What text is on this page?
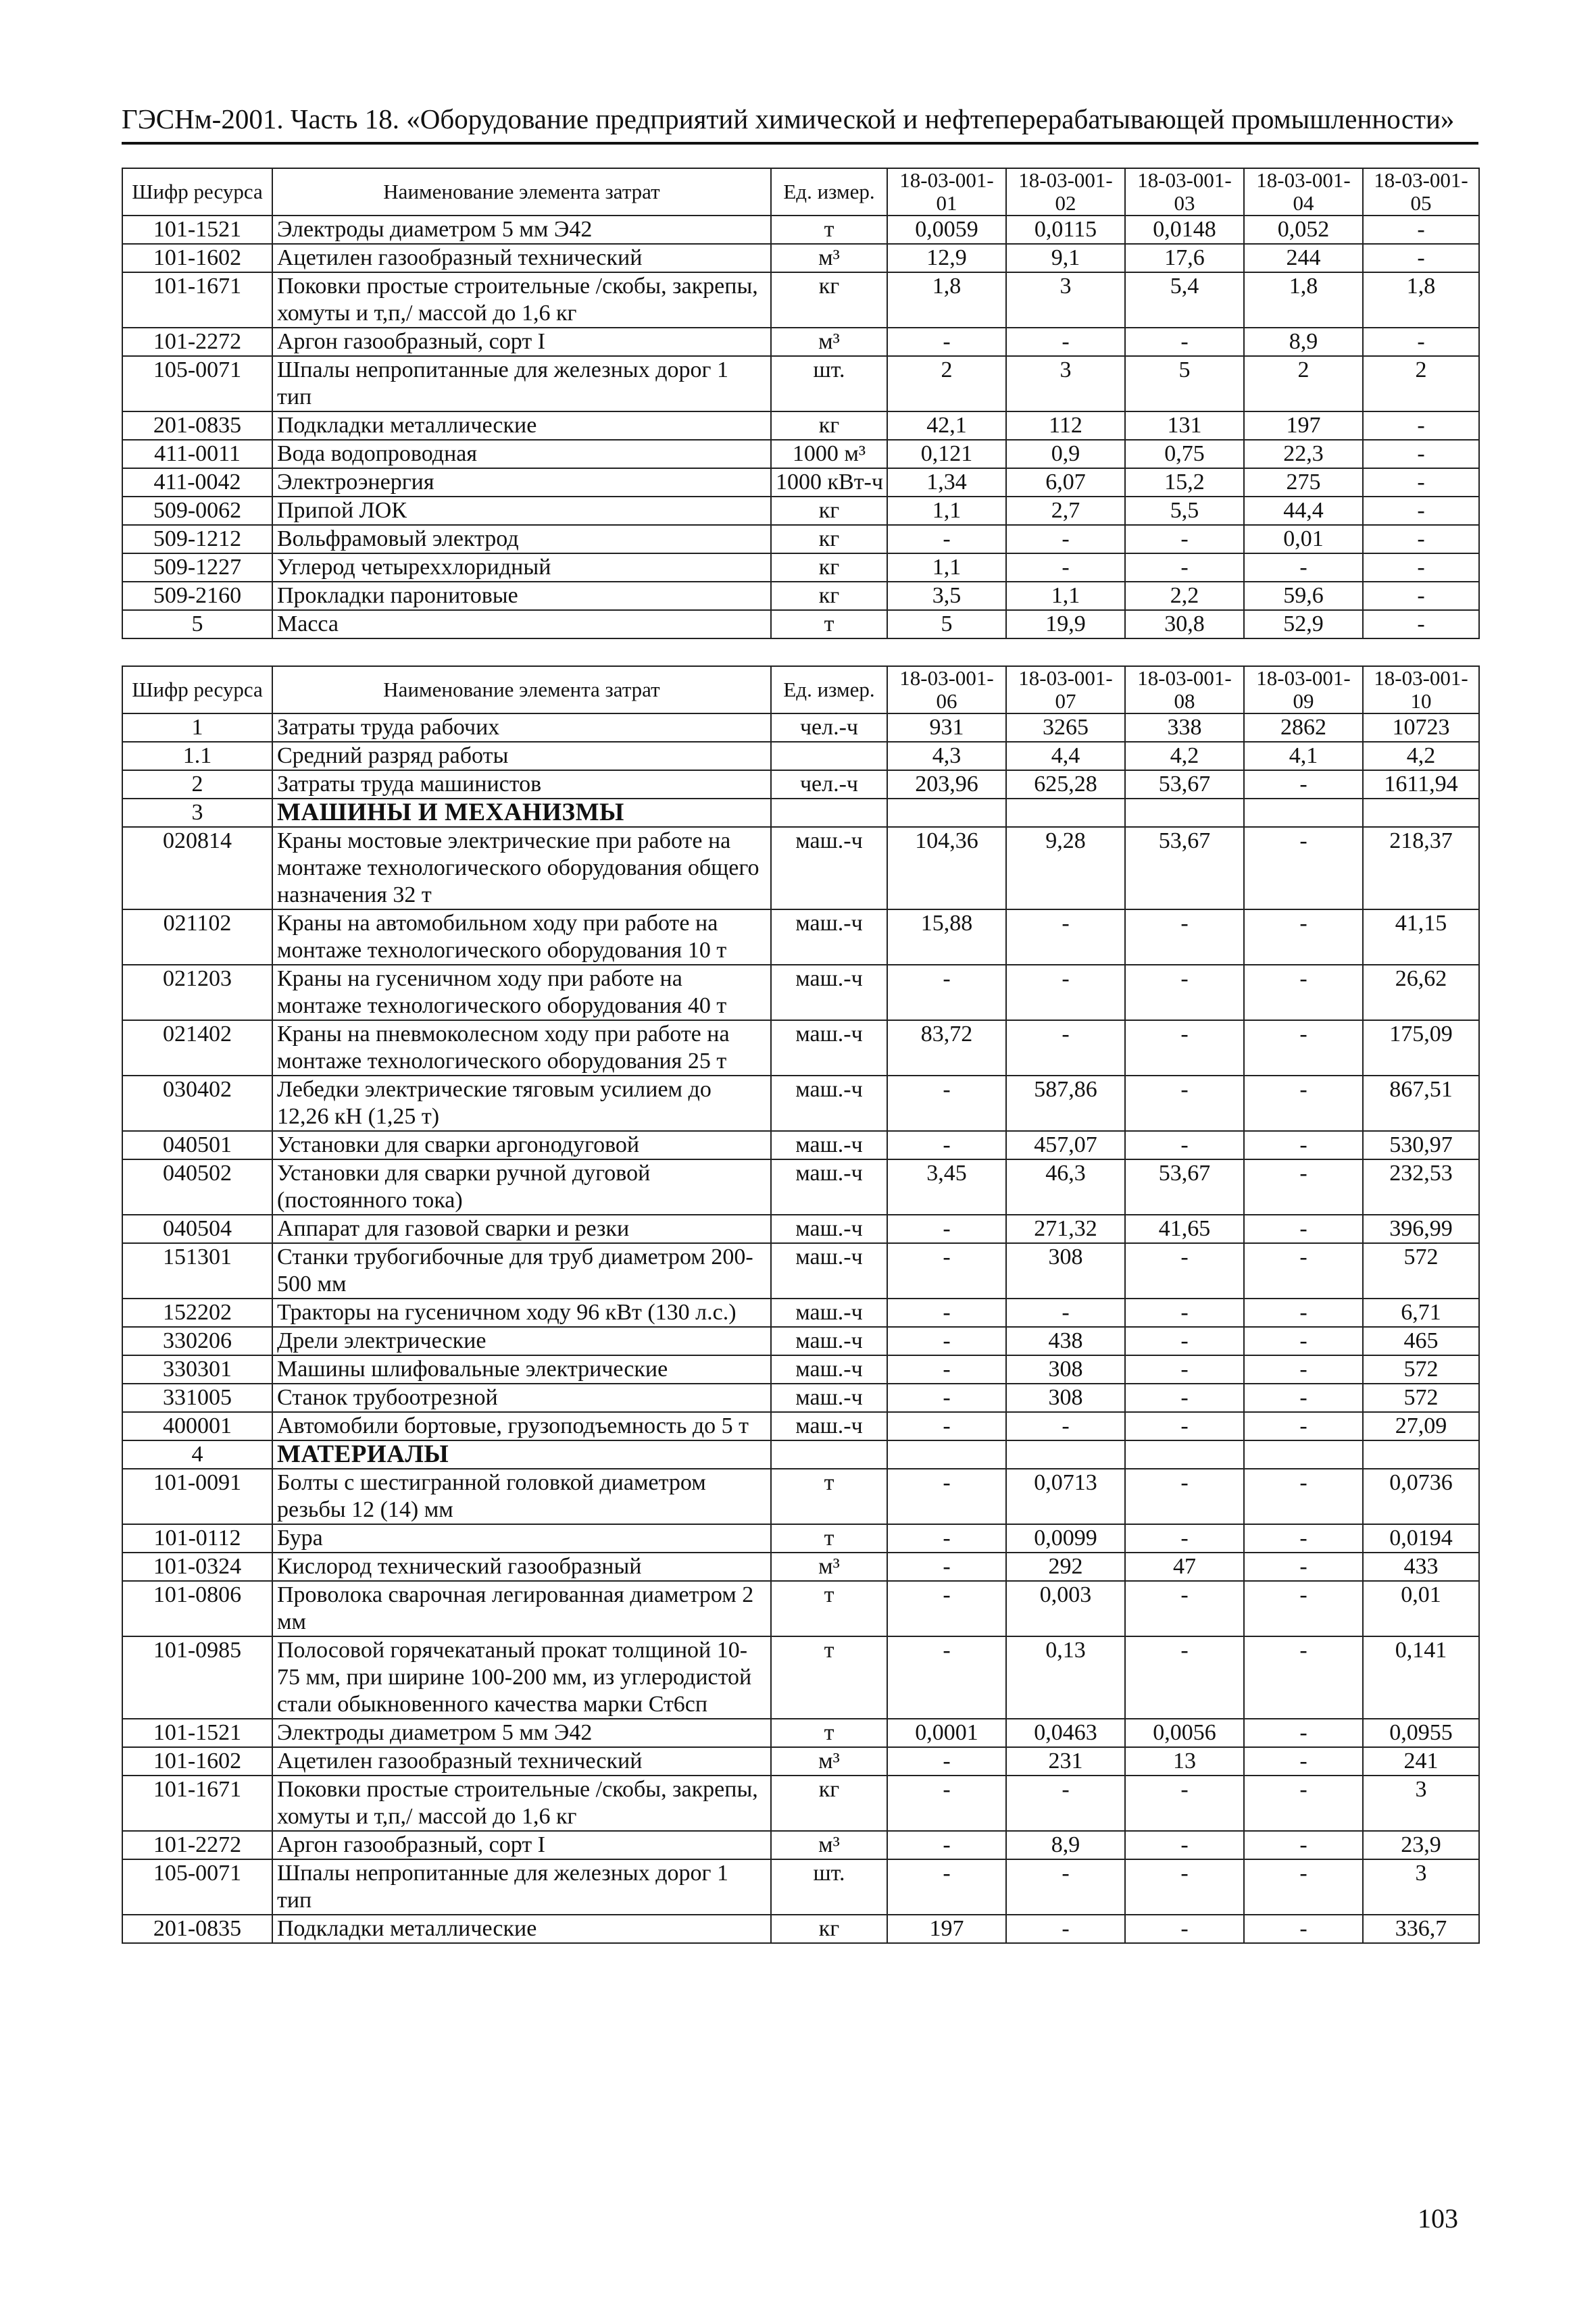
ГЭСНм-2001. Часть 18. «Оборудование предприятий химической и нефтеперерабатывающей промышленности»
Шифр ресурса	Наименование элемента затрат	Ед. измер.	18-03-001-01	18-03-001-02	18-03-001-03	18-03-001-04	18-03-001-05
101-1521	Электроды диаметром 5 мм Э42	т	0,0059	0,0115	0,0148	0,052	-
101-1602	Ацетилен газообразный технический	м³	12,9	9,1	17,6	244	-
101-1671	Поковки простые строительные /скобы, закрепы, хомуты и т,п,/ массой до 1,6 кг	кг	1,8	3	5,4	1,8	1,8
101-2272	Аргон газообразный, сорт I	м³	-	-	-	8,9	-
105-0071	Шпалы непропитанные для железных дорог 1 тип	шт.	2	3	5	2	2
201-0835	Подкладки металлические	кг	42,1	112	131	197	-
411-0011	Вода водопроводная	1000 м³	0,121	0,9	0,75	22,3	-
411-0042	Электроэнергия	1000 кВт-ч	1,34	6,07	15,2	275	-
509-0062	Припой ЛОК	кг	1,1	2,7	5,5	44,4	-
509-1212	Вольфрамовый электрод	кг	-	-	-	0,01	-
509-1227	Углерод четыреххлоридный	кг	1,1	-	-	-	-
509-2160	Прокладки паронитовые	кг	3,5	1,1	2,2	59,6	-
5	Масса	т	5	19,9	30,8	52,9	-
Шифр ресурса	Наименование элемента затрат	Ед. измер.	18-03-001-06	18-03-001-07	18-03-001-08	18-03-001-09	18-03-001-10
1	Затраты труда рабочих	чел.-ч	931	3265	338	2862	10723
1.1	Средний разряд работы		4,3	4,4	4,2	4,1	4,2
2	Затраты труда машинистов	чел.-ч	203,96	625,28	53,67	-	1611,94
3	МАШИНЫ И МЕХАНИЗМЫ						
020814	Краны мостовые электрические при работе на монтаже технологического оборудования общего назначения 32 т	маш.-ч	104,36	9,28	53,67	-	218,37
021102	Краны на автомобильном ходу при работе на монтаже технологического оборудования 10 т	маш.-ч	15,88	-	-	-	41,15
021203	Краны на гусеничном ходу при работе на монтаже технологического оборудования 40 т	маш.-ч	-	-	-	-	26,62
021402	Краны на пневмоколесном ходу при работе на монтаже технологического оборудования 25 т	маш.-ч	83,72	-	-	-	175,09
030402	Лебедки электрические тяговым усилием до 12,26 кН (1,25 т)	маш.-ч	-	587,86	-	-	867,51
040501	Установки для сварки аргонодуговой	маш.-ч	-	457,07	-	-	530,97
040502	Установки для сварки ручной дуговой (постоянного тока)	маш.-ч	3,45	46,3	53,67	-	232,53
040504	Аппарат для газовой сварки и резки	маш.-ч	-	271,32	41,65	-	396,99
151301	Станки трубогибочные для труб диаметром 200-500 мм	маш.-ч	-	308	-	-	572
152202	Тракторы на гусеничном ходу 96 кВт (130 л.с.)	маш.-ч	-	-	-	-	6,71
330206	Дрели электрические	маш.-ч	-	438	-	-	465
330301	Машины шлифовальные электрические	маш.-ч	-	308	-	-	572
331005	Станок трубоотрезной	маш.-ч	-	308	-	-	572
400001	Автомобили бортовые, грузоподъемность до 5 т	маш.-ч	-	-	-	-	27,09
4	МАТЕРИАЛЫ						
101-0091	Болты с шестигранной головкой диаметром резьбы 12 (14) мм	т	-	0,0713	-	-	0,0736
101-0112	Бура	т	-	0,0099	-	-	0,0194
101-0324	Кислород технический газообразный	м³	-	292	47	-	433
101-0806	Проволока сварочная легированная диаметром 2 мм	т	-	0,003	-	-	0,01
101-0985	Полосовой горячекатаный прокат толщиной 10-75 мм, при ширине 100-200 мм, из углеродистой стали обыкновенного качества марки Ст6сп	т	-	0,13	-	-	0,141
101-1521	Электроды диаметром 5 мм Э42	т	0,0001	0,0463	0,0056	-	0,0955
101-1602	Ацетилен газообразный технический	м³	-	231	13	-	241
101-1671	Поковки простые строительные /скобы, закрепы, хомуты и т,п,/ массой до 1,6 кг	кг	-	-	-	-	3
101-2272	Аргон газообразный, сорт I	м³	-	8,9	-	-	23,9
105-0071	Шпалы непропитанные для железных дорог 1 тип	шт.	-	-	-	-	3
201-0835	Подкладки металлические	кг	197	-	-	-	336,7
103
